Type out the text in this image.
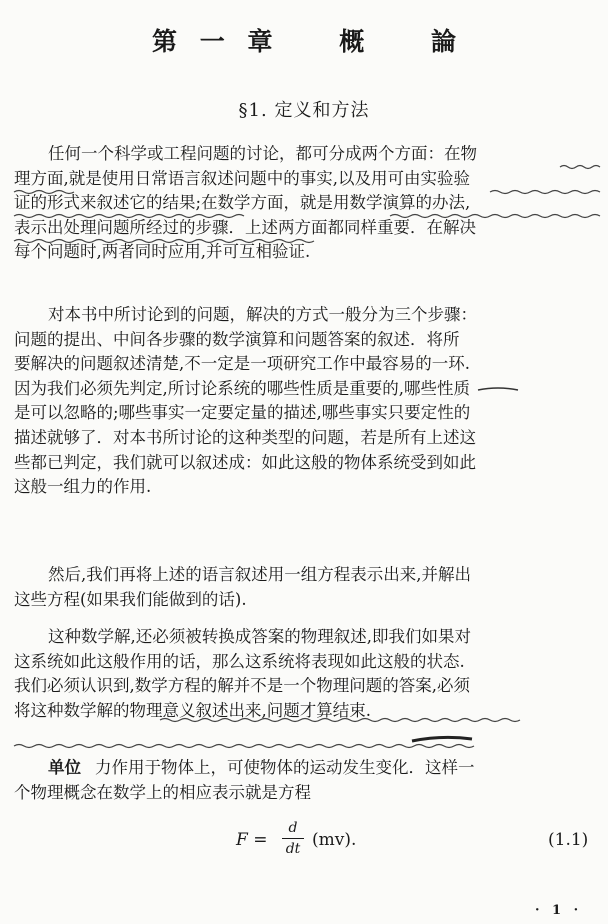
第 一 章	概	論
§1. 定义和方法
任何一个科学或工程问题的讨论，都可分成两个方面：在物
理方面,就是使用日常语言叙述问题中的事实,以及用可由实验验
证的形式来叙述它的结果;在数学方面，就是用数学演算的办法,
表示出处理问题所经过的步骤．上述两方面都同样重要．在解决
每个问题时,两者同时应用,并可互相验证.
对本书中所讨论到的问题，解决的方式一般分为三个步骤：
问题的提出、中间各步骤的数学演算和问题答案的叙述．将所
要解决的问题叙述清楚,不一定是一项研究工作中最容易的一环.
因为我们必须先判定,所讨论系统的哪些性质是重要的,哪些性质
是可以忽略的;哪些事实一定要定量的描述,哪些事实只要定性的
描述就够了．对本书所讨论的这种类型的问题，若是所有上述这
些都已判定，我们就可以叙述成：如此这般的物体系统受到如此
这般一组力的作用.
然后,我们再将上述的语言叙述用一组方程表示出来,并解出
这些方程(如果我们能做到的话).
这种数学解,还必须被转换成答案的物理叙述,即我们如果对
这系统如此这般作用的话，那么这系统将表现如此这般的状态.
我们必须认识到,数学方程的解并不是一个物理问题的答案,必须
将这种数学解的物理意义叙述出来,问题才算结束.
单位 力作用于物体上，可使物体的运动发生变化．这样一
个物理概念在数学上的相应表示就是方程
$F = \frac{d}{dt} (mv)$.	(1.1)
· 1 ·
